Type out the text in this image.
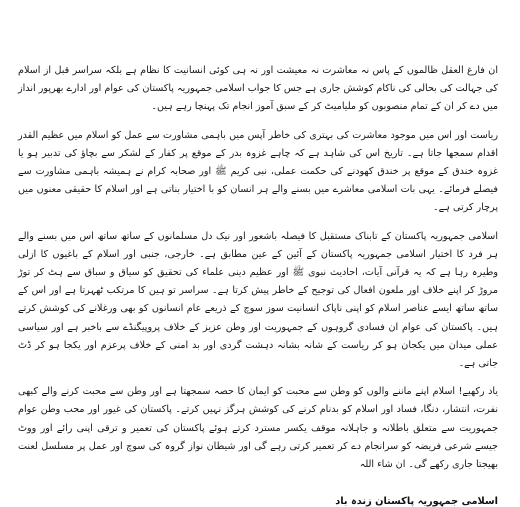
ان فارغ العقل ظالموں کے پاس نہ معاشرت نہ معیشت اور نہ ہی کوئی انسانیت کا نظام ہے بلکہ سراسر قبل از اسلام کی جہالت کی بحالی کی ناکام کوشش جاری ہے جس کا جواب اسلامی جمہوریہ پاکستان کی عوام اور ادارے بھرپور انداز میں دے کر ان کے تمام منصوبوں کو ملیامیٹ کر کے سبق آموز انجام تک پہنچا رہے ہیں۔

ریاست اور اس میں موجود معاشرت کی بہتری کی خاطر آپس میں باہمی مشاورت سے عمل کو اسلام میں عظیم القدر اقدام سمجھا جاتا ہے۔ تاریخ اس کی شاہد ہے کہ چاہے غزوہ بدر کے موقع پر کفار کے لشکر سے بچاؤ کی تدبیر ہو یا غزوہ خندق کے موقع پر خندق کھودنے کی حکمت عملی، نبی کریم ﷺ اور صحابہ کرام نے ہمیشہ باہمی مشاورت سے فیصلے فرمائے۔ یہی بات اسلامی معاشرے میں بسنے والے ہر انسان کو با اختیار بناتی ہے اور اسلام کا حقیقی معنوں میں پرچار کرتی ہے۔

اسلامی جمہوریہ پاکستان کے تابناک مستقبل کا فیصلہ باشعور اور نیک دل مسلمانوں کے ساتھ ساتھ اس میں بسنے والے ہر فرد کا اختیار اسلامی جمہوریہ پاکستان کے آئین کے عین مطابق ہے۔ خارجی، جنبی اور اسلام کے باغیوں کا ازلی وطیرہ رہا ہے کہ یہ قرآنی آیات، احادیث نبوی ﷺ اور عظیم دینی علماء کی تحقیق کو سیاق و سباق سے ہٹ کر توڑ مروڑ کر اپنے خلاف اور ملعون افعال کی توجیح کے خاطر پیش کرتا ہے۔ سراسر تو ہین کا مرتکب ٹھہرتا ہے اور اس کے ساتھ ساتھ ایسے عناصر اسلام کو اپنی ناپاک انسانیت سوز سوچ کے ذریعے عام انسانوں کو بھی ورغلانے کی کوشش کرتے ہیں۔ پاکستان کی عوام ان فسادی گروہوں کے جمہوریت اور وطن عزیز کے خلاف پروپیگنڈے سے باخبر ہے اور سیاسی عملی میدان میں یکجان ہو کر ریاست کے شانہ بشانہ دہشت گردی اور بد امنی کے خلاف پرعزم اور یکجا ہو کر ڈٹ جاتی ہے۔

یاد رکھیے! اسلام اپنے ماننے والوں کو وطن سے محبت کو ایمان کا حصہ سمجھتا ہے اور وطن سے محبت کرنے والے کبھی نفرت، انتشار، دنگا، فساد اور اسلام کو بدنام کرنے کی کوشش ہرگز نہیں کرتے۔ پاکستان کی غیور اور محب وطن عوام جمہوریت سے متعلق باطلانہ و جاہلانہ موقف یکسر مسترد کرتے ہوئے پاکستان کی تعمیر و ترقی اپنی رائے اور ووٹ جیسے شرعی فریضہ کو سرانجام دے کر تعمیر کرتی رہے گی اور شیطان نواز گروہ کی سوچ اور عمل پر مسلسل لعنت بھیجتا جاری رکھے گی۔ ان شاء اللہ

اسلامی جمہوریہ پاکستان زندہ باد
